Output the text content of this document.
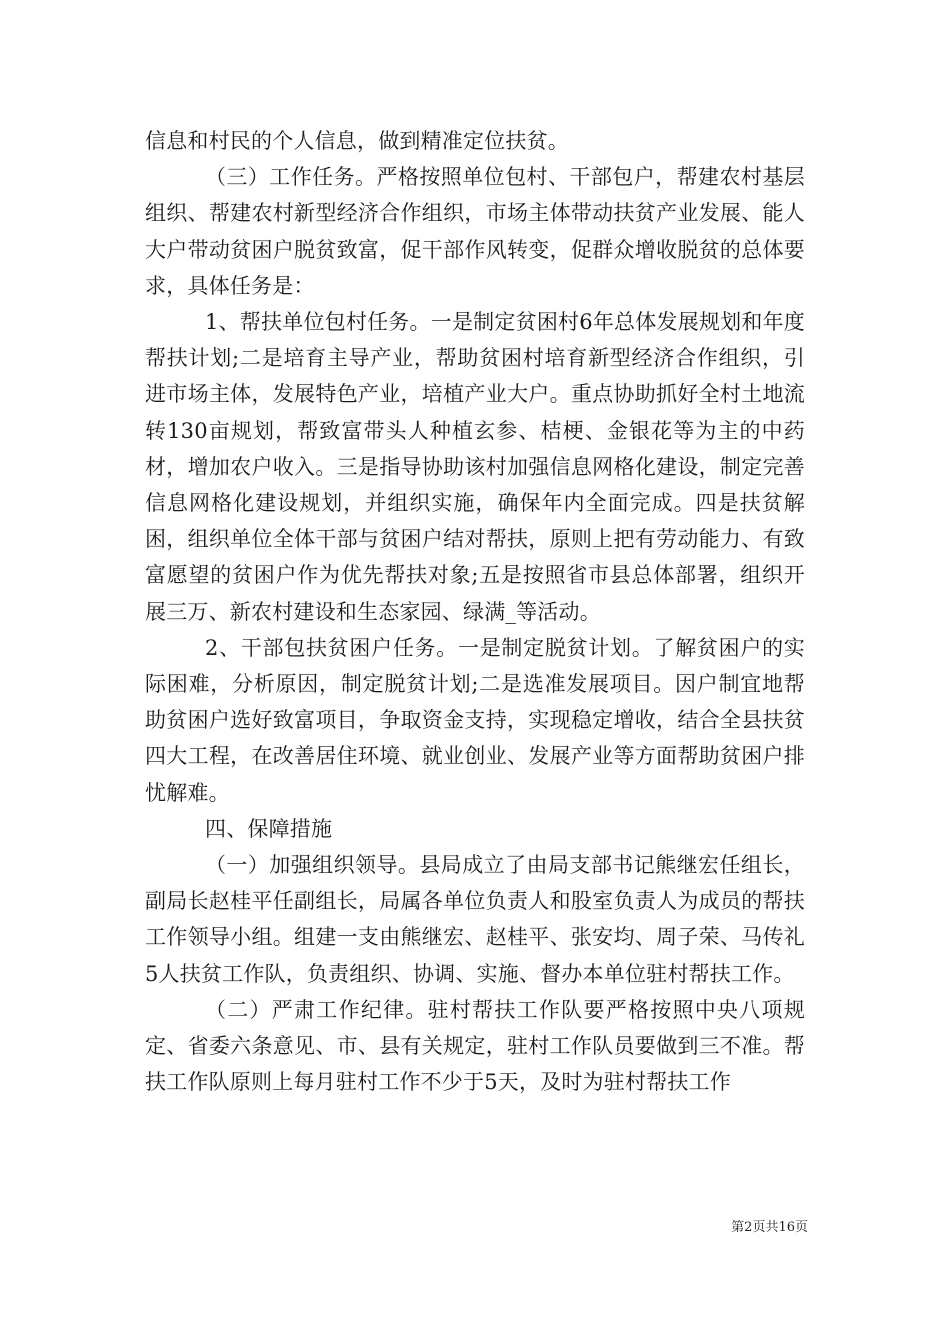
信息和村民的个人信息，做到精准定位扶贫。

（三）工作任务。严格按照单位包村、干部包户，帮建农村基层组织、帮建农村新型经济合作组织，市场主体带动扶贫产业发展、能人大户带动贫困户脱贫致富，促干部作风转变，促群众增收脱贫的总体要求，具体任务是：

1、帮扶单位包村任务。一是制定贫困村6年总体发展规划和年度帮扶计划;二是培育主导产业，帮助贫困村培育新型经济合作组织，引进市场主体，发展特色产业，培植产业大户。重点协助抓好全村土地流转130亩规划，帮致富带头人种植玄参、桔梗、金银花等为主的中药材，增加农户收入。三是指导协助该村加强信息网格化建设，制定完善信息网格化建设规划，并组织实施，确保年内全面完成。四是扶贫解困，组织单位全体干部与贫困户结对帮扶，原则上把有劳动能力、有致富愿望的贫困户作为优先帮扶对象;五是按照省市县总体部署，组织开展三万、新农村建设和生态家园、绿满_等活动。

2、干部包扶贫困户任务。一是制定脱贫计划。了解贫困户的实际困难，分析原因，制定脱贫计划;二是选准发展项目。因户制宜地帮助贫困户选好致富项目，争取资金支持，实现稳定增收，结合全县扶贫四大工程，在改善居住环境、就业创业、发展产业等方面帮助贫困户排忧解难。

四、保障措施

（一）加强组织领导。县局成立了由局支部书记熊继宏任组长，副局长赵桂平任副组长，局属各单位负责人和股室负责人为成员的帮扶工作领导小组。组建一支由熊继宏、赵桂平、张安均、周子荣、马传礼5人扶贫工作队，负责组织、协调、实施、督办本单位驻村帮扶工作。

（二）严肃工作纪律。驻村帮扶工作队要严格按照中央八项规定、省委六条意见、市、县有关规定，驻村工作队员要做到三不准。帮扶工作队原则上每月驻村工作不少于5天，及时为驻村帮扶工作

第2页共16页
